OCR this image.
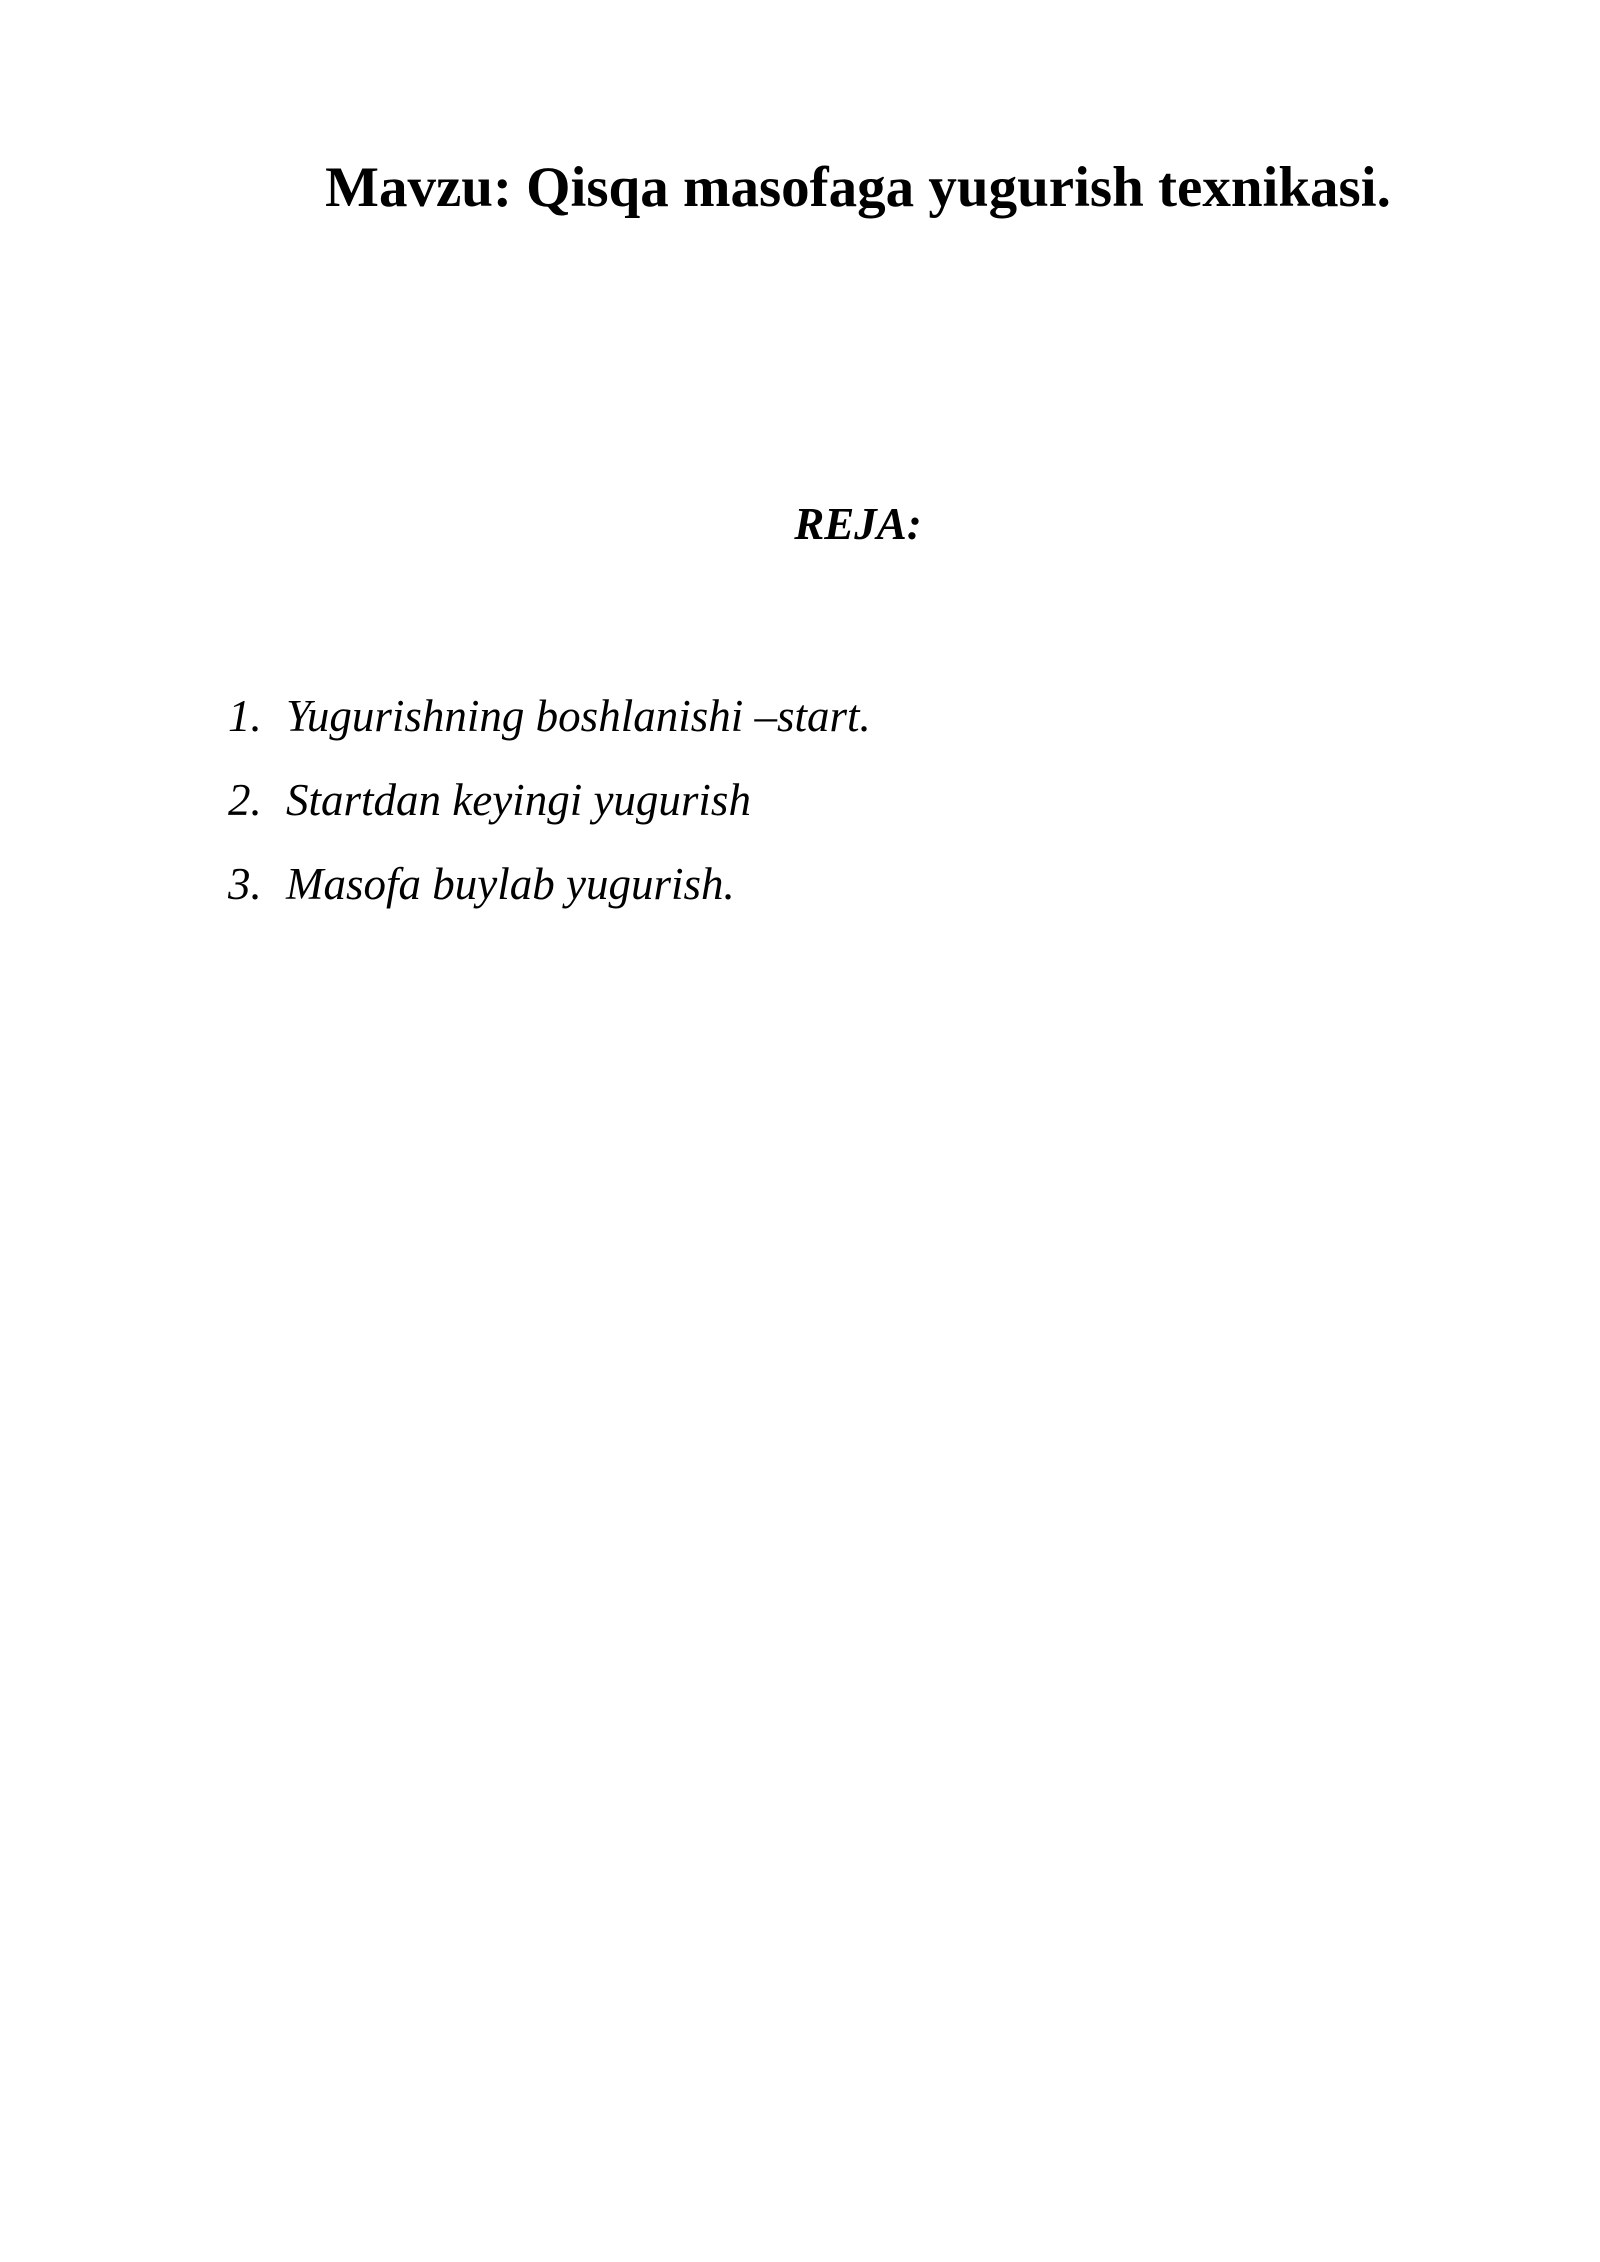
Mavzu: Qisqa masofaga yugurish texnikasi.
REJA:
1. Yugurishning boshlanishi –start.
2. Startdan keyingi yugurish
3. Masofa buylab yugurish.
